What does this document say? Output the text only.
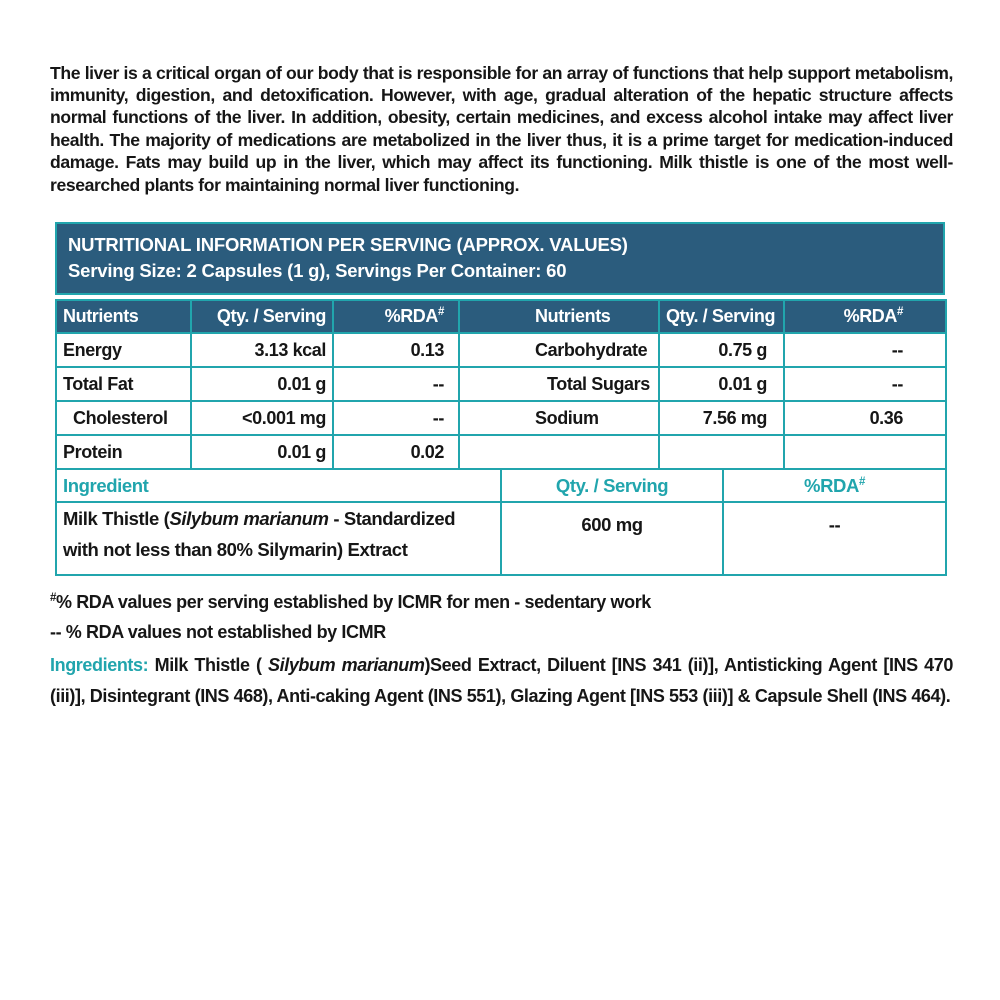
The liver is a critical organ of our body that is responsible for an array of functions that help support metabolism, immunity, digestion, and detoxification. However, with age, gradual alteration of the hepatic structure affects normal functions of the liver. In addition, obesity, certain medicines, and excess alcohol intake may affect liver health. The majority of medications are metabolized in the liver thus, it is a prime target for medication-induced damage. Fats may build up in the liver, which may affect its functioning. Milk thistle is one of the most well-researched plants for maintaining normal liver functioning.

NUTRITIONAL INFORMATION PER SERVING (APPROX. VALUES)
Serving Size: 2 Capsules (1 g), Servings Per Container: 60
Nutrients	Qty. / Serving	%RDA#
Energy	3.13 kcal	0.13
Total Fat	0.01 g	--
Cholesterol	<0.001 mg	--
Protein	0.01 g	0.02
Nutrients	Qty. / Serving	%RDA#
Carbohydrate	0.75 g	--
Total Sugars	0.01 g	--
Sodium	7.56 mg	0.36

Ingredient	Qty. / Serving	%RDA#
Milk Thistle (Silybum marianum - Standardized with not less than 80% Silymarin) Extract	600 mg	--
#% RDA values per serving established by ICMR for men - sedentary work
-- % RDA values not established by ICMR

Ingredients: Milk Thistle ( Silybum marianum)Seed Extract, Diluent [INS 341 (ii)], Antisticking Agent [INS 470 (iii)], Disintegrant (INS 468), Anti-caking Agent (INS 551), Glazing Agent [INS 553 (iii)] & Capsule Shell (INS 464).
